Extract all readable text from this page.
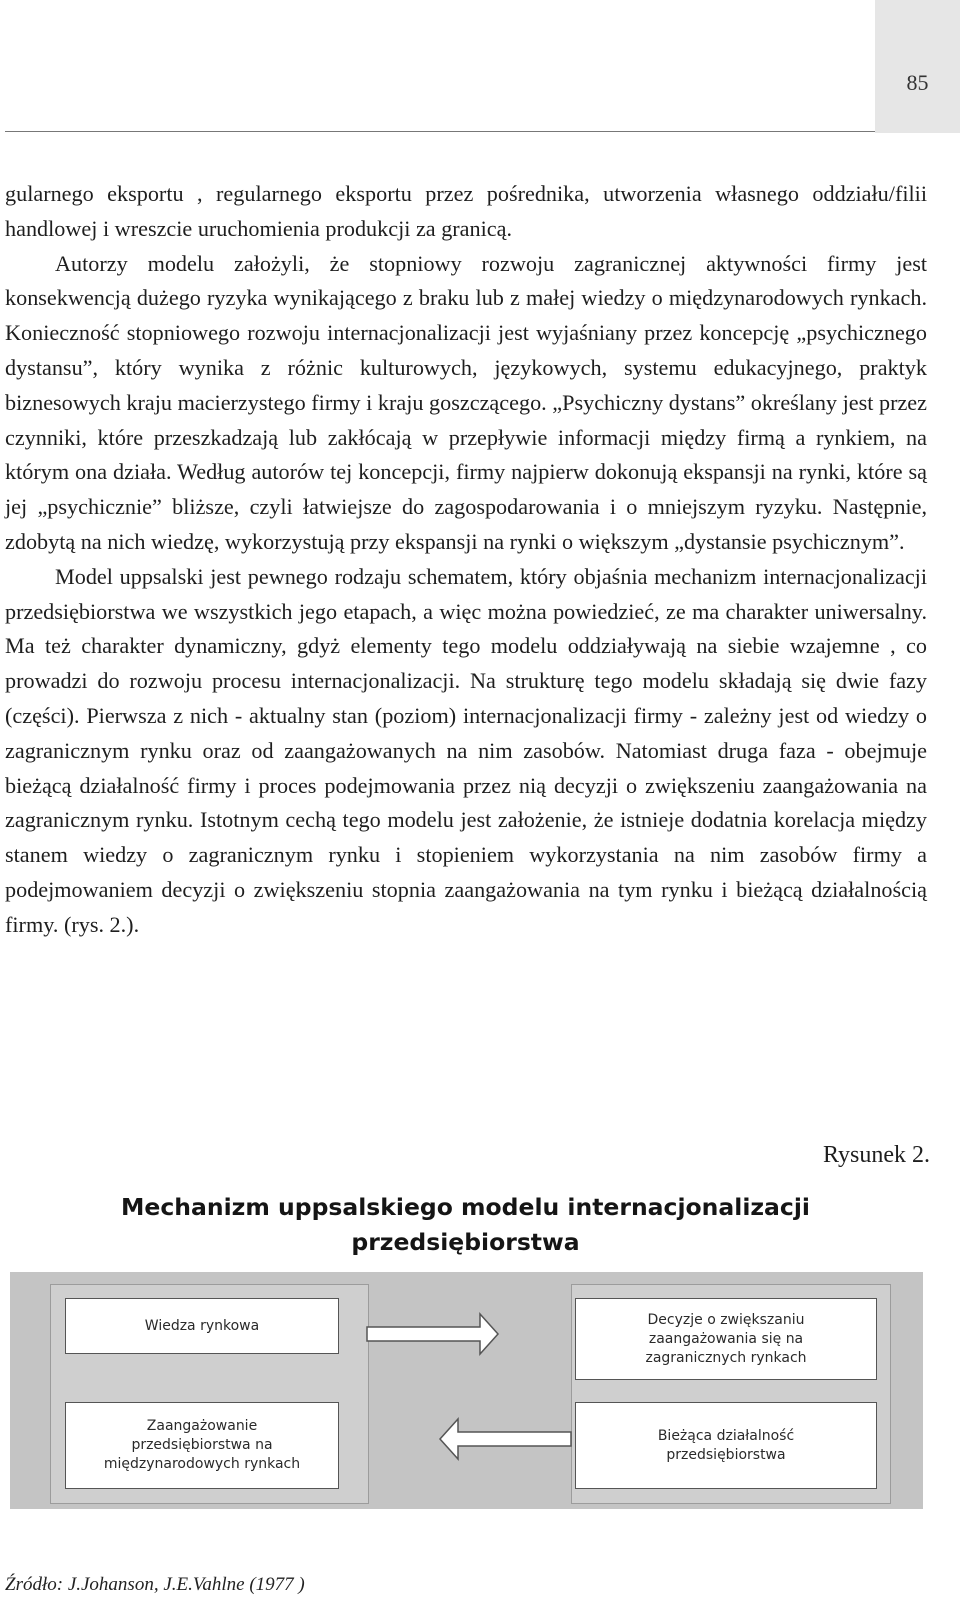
85

gularnego eksportu , regularnego eksportu przez pośrednika, utworzenia własnego oddziału/filii handlowej i wreszcie uruchomienia produkcji za granicą.

Autorzy modelu założyli, że stopniowy rozwoju zagranicznej aktywności firmy jest konsekwencją dużego ryzyka wynikającego z braku lub z małej wiedzy o międzynarodowych rynkach. Konieczność stopniowego rozwoju internacjonalizacji jest wyjaśniany przez koncepcję „psychicznego dystansu”, który wynika z różnic kulturowych, językowych, systemu edukacyjnego, praktyk biznesowych kraju macierzystego firmy i kraju goszczącego. „Psychiczny dystans” określany jest przez czynniki, które przeszkadzają lub zakłócają w przepływie informacji między firmą a rynkiem, na którym ona działa. Według autorów tej koncepcji, firmy najpierw dokonują ekspansji na rynki, które są jej „psychicznie” bliższe, czyli łatwiejsze do zagospodarowania i o mniejszym ryzyku. Następnie, zdobytą na nich wiedzę, wykorzystują przy ekspansji na rynki o większym „dystansie psychicznym”.

Model uppsalski jest pewnego rodzaju schematem, który objaśnia mechanizm internacjonalizacji przedsiębiorstwa we wszystkich jego etapach, a więc można powiedzieć, ze ma charakter uniwersalny. Ma też charakter dynamiczny, gdyż elementy tego modelu oddziaływają na siebie wzajemne , co prowadzi do rozwoju procesu internacjonalizacji. Na strukturę tego modelu składają się dwie fazy (części). Pierwsza z nich - aktualny stan (poziom) internacjonalizacji firmy - zależny jest od wiedzy o zagranicznym rynku oraz od zaangażowanych na nim zasobów. Natomiast druga faza - obejmuje bieżącą działalność firmy i proces podejmowania przez nią decyzji o zwiększeniu zaangażowania na zagranicznym rynku. Istotnym cechą tego modelu jest założenie, że istnieje dodatnia korelacja między stanem wiedzy o zagranicznym rynku i stopieniem wykorzystania na nim zasobów firmy a podejmowaniem decyzji o zwiększeniu stopnia zaangażowania na tym rynku i bieżącą działalnością firmy. (rys. 2.).

Rysunek 2.
Mechanizm uppsalskiego modelu internacjonalizacji przedsiębiorstwa
Wiedza rynkowa
Zaangażowanie
przedsiębiorstwa na
międzynarodowych rynkach
Decyzje o zwiększaniu
zaangażowania się na
zagranicznych rynkach
Bieżąca działalność
przedsiębiorstwa
Źródło: J.Johanson, J.E.Vahlne (1977 )
